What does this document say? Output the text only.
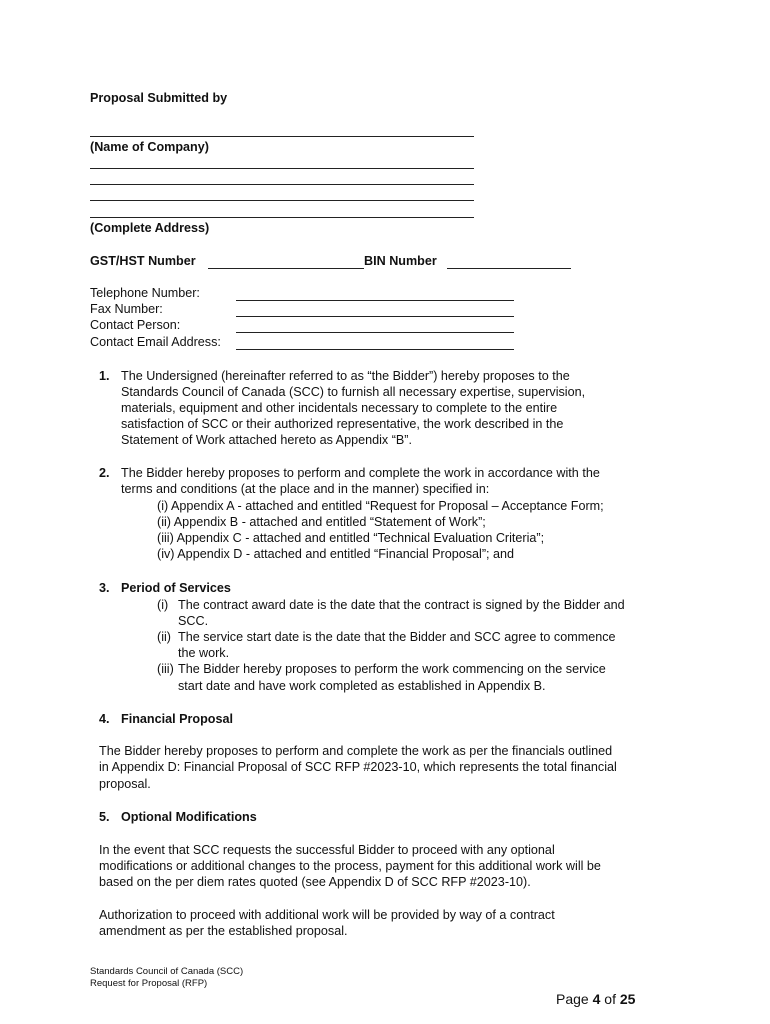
Proposal Submitted by
(Name of Company)
(Complete Address)
GST/HST Number	BIN Number
Telephone Number:
Fax Number:
Contact Person:
Contact Email Address:
1. The Undersigned (hereinafter referred to as “the Bidder”) hereby proposes to the
Standards Council of Canada (SCC) to furnish all necessary expertise, supervision,
materials, equipment and other incidentals necessary to complete to the entire
satisfaction of SCC or their authorized representative, the work described in the
Statement of Work attached hereto as Appendix “B”.
2. The Bidder hereby proposes to perform and complete the work in accordance with the
terms and conditions (at the place and in the manner) specified in:
(i) Appendix A - attached and entitled “Request for Proposal – Acceptance Form;
(ii) Appendix B - attached and entitled “Statement of Work”;
(iii) Appendix C - attached and entitled “Technical Evaluation Criteria”;
(iv) Appendix D - attached and entitled “Financial Proposal”; and
3. Period of Services
(i) The contract award date is the date that the contract is signed by the Bidder and
SCC.
(ii) The service start date is the date that the Bidder and SCC agree to commence
the work.
(iii) The Bidder hereby proposes to perform the work commencing on the service
start date and have work completed as established in Appendix B.
4. Financial Proposal
The Bidder hereby proposes to perform and complete the work as per the financials outlined
in Appendix D: Financial Proposal of SCC RFP #2023-10, which represents the total financial
proposal.
5. Optional Modifications
In the event that SCC requests the successful Bidder to proceed with any optional
modifications or additional changes to the process, payment for this additional work will be
based on the per diem rates quoted (see Appendix D of SCC RFP #2023-10).
Authorization to proceed with additional work will be provided by way of a contract
amendment as per the established proposal.
Standards Council of Canada (SCC)
Request for Proposal (RFP)
Page 4 of 25
